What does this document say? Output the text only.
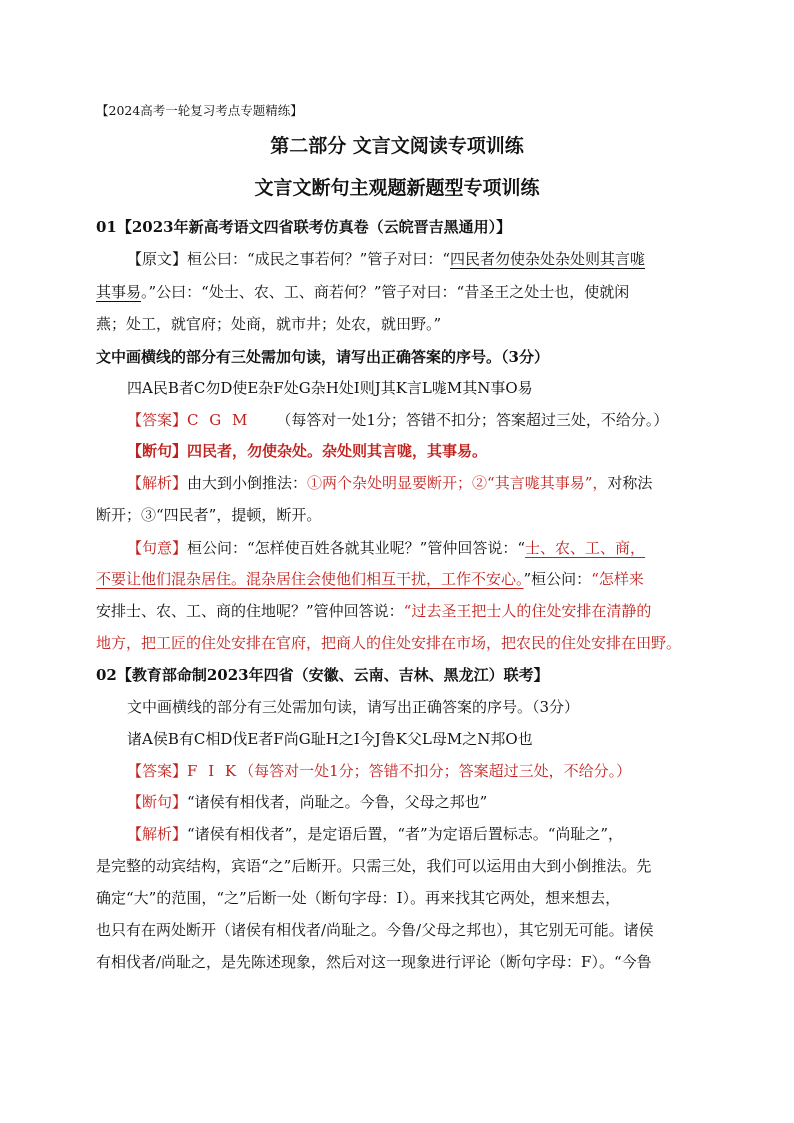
【2024高考一轮复习考点专题精练】
第二部分 文言文阅读专项训练
文言文断句主观题新题型专项训练
01【2023年新高考语文四省联考仿真卷（云皖晋吉黑通用）】
【原文】桓公曰：“成民之事若何？”管子对曰：“四民者勿使杂处杂处则其言哤
其事易。”公曰：“处士、农、工、商若何？”管子对曰：“昔圣王之处士也，使就闲
燕；处工，就官府；处商，就市井；处农，就田野。”
文中画横线的部分有三处需加句读，请写出正确答案的序号。（3分）
四A民B者C勿D使E杂F处G杂H处I则J其K言L哤M其N事O易
【答案】C G M （每答对一处1分；答错不扣分；答案超过三处，不给分。）
【断句】四民者，勿使杂处。杂处则其言哤，其事易。
【解析】由大到小倒推法：①两个杂处明显要断开；②“其言哤其事易”，对称法
断开；③“四民者”，提顿，断开。
【句意】桓公问：“怎样使百姓各就其业呢？”管仲回答说：“士、农、工、商，
不要让他们混杂居住。混杂居住会使他们相互干扰，工作不安心。”桓公问：“怎样来
安排士、农、工、商的住地呢？”管仲回答说：“过去圣王把士人的住处安排在清静的
地方，把工匠的住处安排在官府，把商人的住处安排在市场，把农民的住处安排在田野。
02【教育部命制2023年四省（安徽、云南、吉林、黑龙江）联考】
文中画横线的部分有三处需加句读，请写出正确答案的序号。（3分）
诸A侯B有C相D伐E者F尚G耻H之I今J鲁K父L母M之N邦O也
【答案】F I K（每答对一处1分；答错不扣分；答案超过三处，不给分。）
【断句】“诸侯有相伐者，尚耻之。今鲁，父母之邦也”
【解析】“诸侯有相伐者”，是定语后置，“者”为定语后置标志。“尚耻之”，
是完整的动宾结构，宾语“之”后断开。只需三处，我们可以运用由大到小倒推法。先
确定“大”的范围，“之”后断一处（断句字母：I）。再来找其它两处，想来想去，
也只有在两处断开（诸侯有相伐者/尚耻之。今鲁/父母之邦也），其它别无可能。诸侯
有相伐者/尚耻之，是先陈述现象，然后对这一现象进行评论（断句字母：F）。“今鲁
